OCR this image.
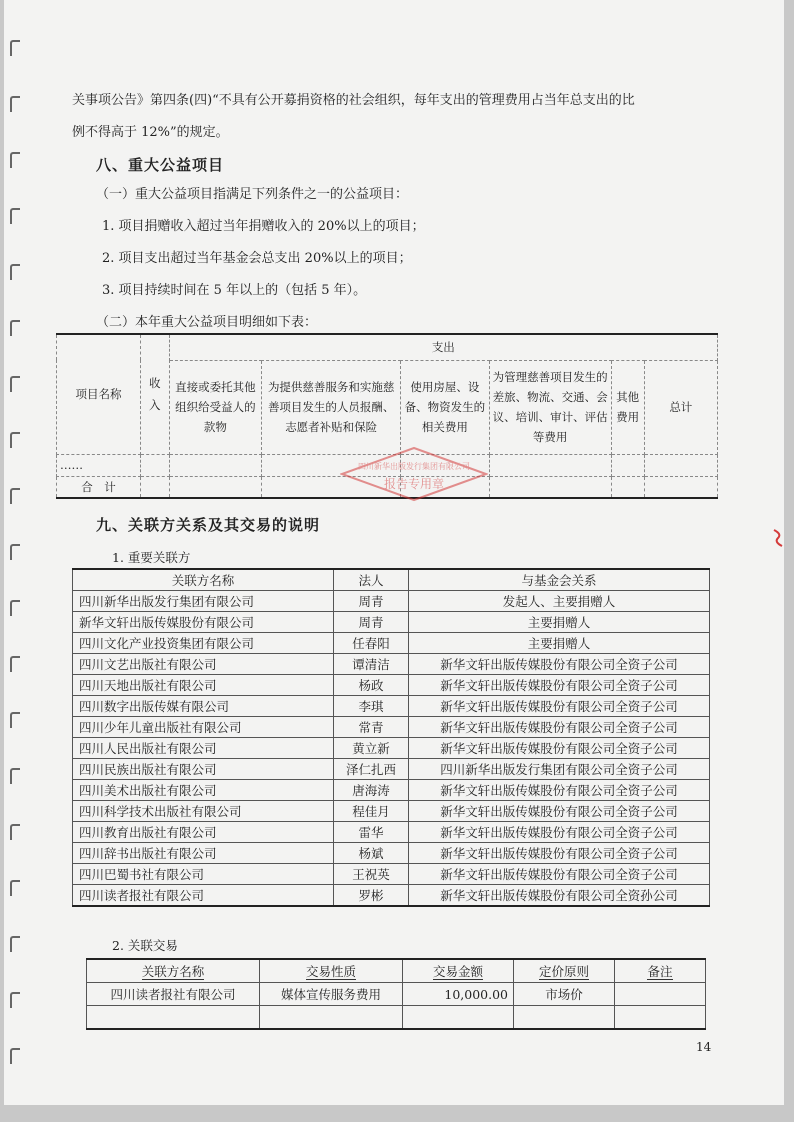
关事项公告》第四条(四)“不具有公开募捐资格的社会组织，每年支出的管理费用占当年总支出的比
例不得高于 12%”的规定。
八、重大公益项目
（一）重大公益项目指满足下列条件之一的公益项目：
1. 项目捐赠收入超过当年捐赠收入的 20%以上的项目；
2. 项目支出超过当年基金会总支出 20%以上的项目；
3. 项目持续时间在 5 年以上的（包括 5 年）。
（二）本年重大公益项目明细如下表：
项目名称	收入	支出					
		直接或委托其他组织给受益人的款物	为提供慈善服务和实施慈善项目发生的人员报酬、志愿者补贴和保险	使用房屋、设备、物资发生的相关费用	为管理慈善项目发生的差旅、物流、交通、会议、培训、审计、评估等费用	其他费用	总计
……							
合　计							
四川新华出版发行集团有限公司
报告专用章
九、关联方关系及其交易的说明
1. 重要关联方
关联方名称	法人	与基金会关系
四川新华出版发行集团有限公司	周青	发起人、主要捐赠人
新华文轩出版传媒股份有限公司	周青	主要捐赠人
四川文化产业投资集团有限公司	任春阳	主要捐赠人
四川文艺出版社有限公司	谭清洁	新华文轩出版传媒股份有限公司全资子公司
四川天地出版社有限公司	杨政	新华文轩出版传媒股份有限公司全资子公司
四川数字出版传媒有限公司	李琪	新华文轩出版传媒股份有限公司全资子公司
四川少年儿童出版社有限公司	常青	新华文轩出版传媒股份有限公司全资子公司
四川人民出版社有限公司	黄立新	新华文轩出版传媒股份有限公司全资子公司
四川民族出版社有限公司	泽仁扎西	四川新华出版发行集团有限公司全资子公司
四川美术出版社有限公司	唐海涛	新华文轩出版传媒股份有限公司全资子公司
四川科学技术出版社有限公司	程佳月	新华文轩出版传媒股份有限公司全资子公司
四川教育出版社有限公司	雷华	新华文轩出版传媒股份有限公司全资子公司
四川辞书出版社有限公司	杨斌	新华文轩出版传媒股份有限公司全资子公司
四川巴蜀书社有限公司	王祝英	新华文轩出版传媒股份有限公司全资子公司
四川读者报社有限公司	罗彬	新华文轩出版传媒股份有限公司全资孙公司
2. 关联交易
关联方名称	交易性质	交易金额	定价原则	备注
四川读者报社有限公司	媒体宣传服务费用	10,000.00	市场价	

14
